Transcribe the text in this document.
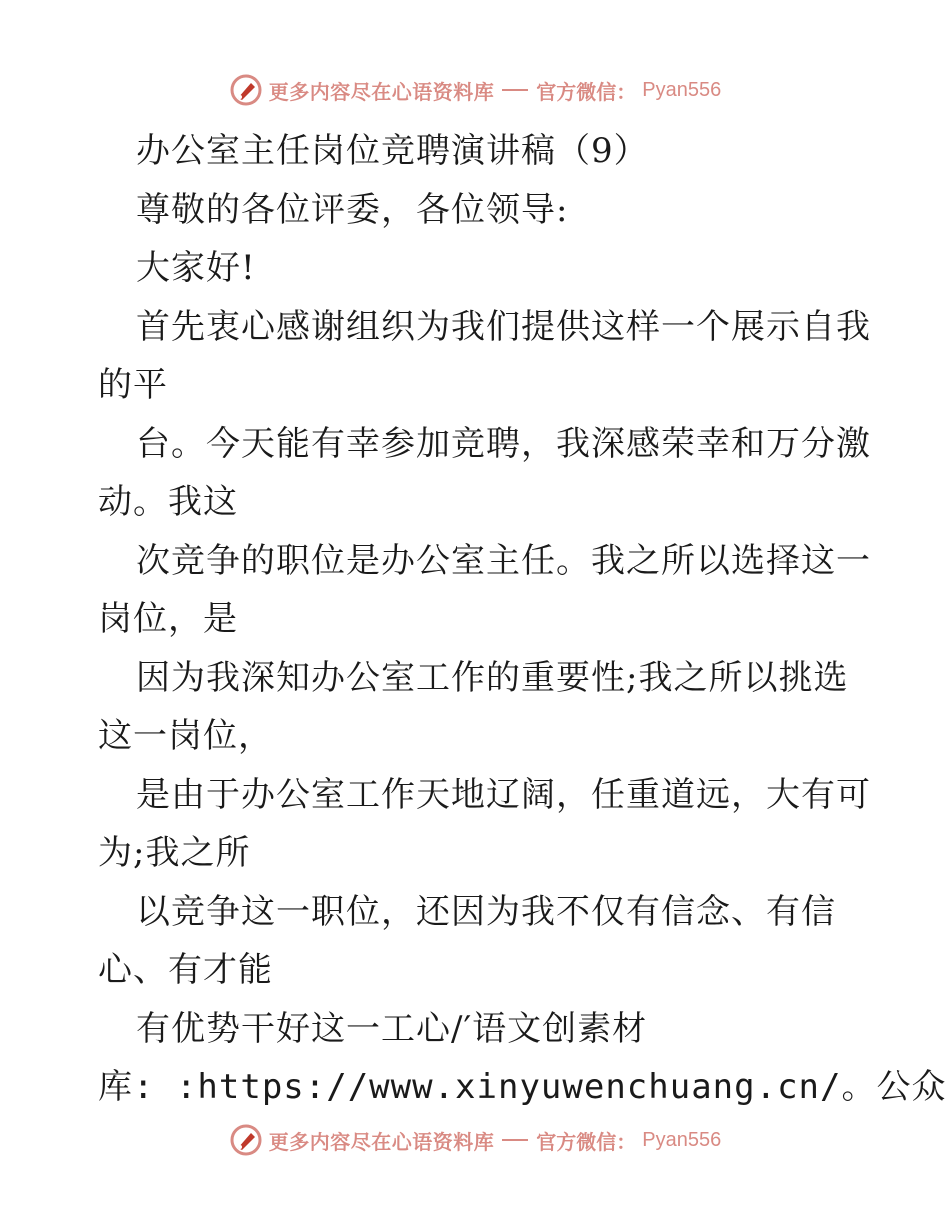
更多内容尽在心语资料库 官方微信： Pyan556
办公室主任岗位竞聘演讲稿（9）
尊敬的各位评委，各位领导:
大家好!
首先衷心感谢组织为我们提供这样一个展示自我
的平
台。今天能有幸参加竞聘，我深感荣幸和万分激
动。我这
次竞争的职位是办公室主任。我之所以选择这一
岗位，是
因为我深知办公室工作的重要性;我之所以挑选
这一岗位，
是由于办公室工作天地辽阔，任重道远，大有可
为;我之所
以竞争这一职位，还因为我不仅有信念、有信
心、有才能
有优势干好这一工心/′语文创素材
库: :https://www.xinyuwenchuang.cn/。公众
更多内容尽在心语资料库 官方微信： Pyan556
